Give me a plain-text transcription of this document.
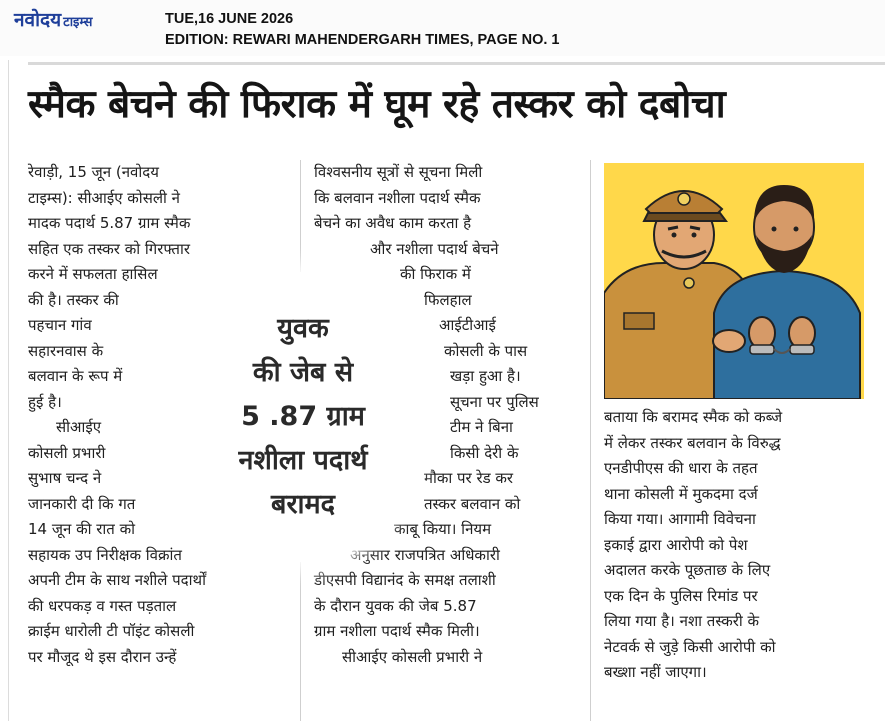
नवोदय टाइम्स	TUE,16 JUNE 2026
EDITION: REWARI MAHENDERGARH TIMES, PAGE NO. 1
स्मैक बेचने की फिराक में घूम रहे तस्कर को दबोचा

रेवाड़ी, 15 जून (नवोदय

टाइम्स): सीआईए कोसली ने

मादक पदार्थ 5.87 ग्राम स्मैक

सहित एक तस्कर को गिरफ्तार

करने में सफलता हासिल

की है। तस्कर की

पहचान गांव

सहारनवास के

बलवान के रूप में

हुई है।

सीआईए

कोसली प्रभारी

सुभाष चन्द ने

जानकारी दी कि गत

14 जून की रात को

सहायक उप निरीक्षक विक्रांत

अपनी टीम के साथ नशीले पदार्थों

की धरपकड़ व गस्त पड़ताल

क्राईम धारोली टी पॉइंट कोसली

पर मौजूद थे इस दौरान उन्हें

विश्वसनीय सूत्रों से सूचना मिली

कि बलवान नशीला पदार्थ स्मैक

बेचने का अवैध काम करता है

और नशीला पदार्थ बेचने

की फिराक में

फिलहाल

आईटीआई

कोसली के पास

खड़ा हुआ है।

सूचना पर पुलिस

टीम ने बिना

किसी देरी के

मौका पर रेड कर

तस्कर बलवान को

काबू किया। नियम

अनुसार राजपत्रित अधिकारी

डीएसपी विद्यानंद के समक्ष तलाशी

के दौरान युवक की जेब 5.87

ग्राम नशीला पदार्थ स्मैक मिली।

सीआईए कोसली प्रभारी ने

बताया कि बरामद स्मैक को कब्जे

में लेकर तस्कर बलवान के विरुद्ध

एनडीपीएस की धारा के तहत

थाना कोसली में मुकदमा दर्ज

किया गया। आगामी विवेचना

इकाई द्वारा आरोपी को पेश

अदालत करके पूछताछ के लिए

एक दिन के पुलिस रिमांड पर

लिया गया है। नशा तस्करी के

नेटवर्क से जुड़े किसी आरोपी को

बख्शा नहीं जाएगा।

युवक
की जेब से
5 .87 ग्राम
नशीला पदार्थ
बरामद
